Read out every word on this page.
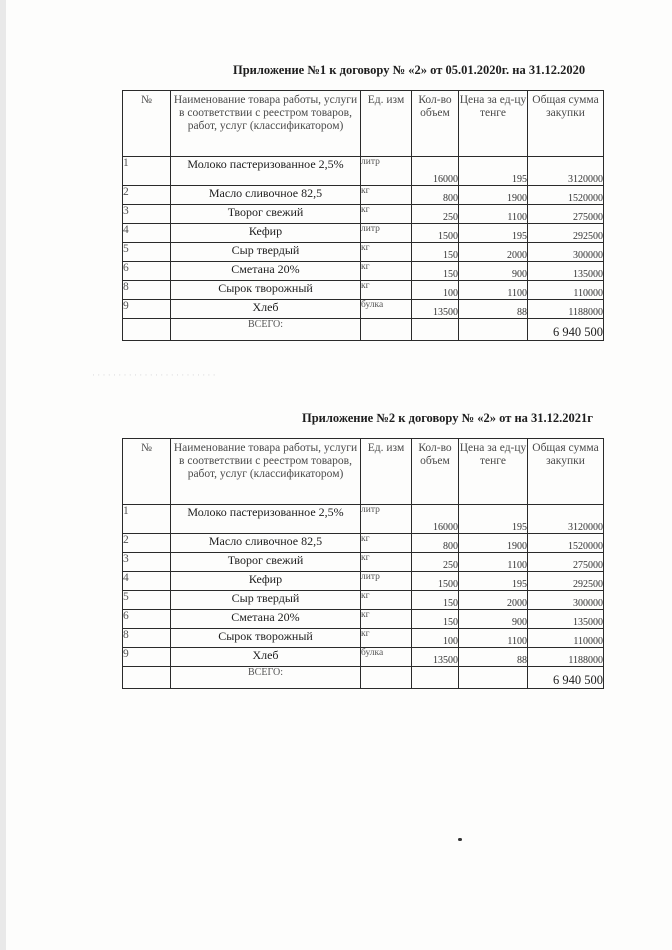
Приложение №1 к договору № «2» от 05.01.2020г. на 31.12.2020
№	Наименование товара работы, услуги в соответствии с реестром товаров, работ, услуг (классификатором)	Ед. изм	Кол-во объем	Цена за ед-цу тенге	Общая сумма закупки
1	Молоко пастеризованное 2,5%	литр	16000	195	3120000
2	Масло сливочное 82,5	кг	800	1900	1520000
3	Творог свежий	кг	250	1100	275000
4	Кефир	литр	1500	195	292500
5	Сыр твердый	кг	150	2000	300000
6	Сметана 20%	кг	150	900	135000
8	Сырок творожный	кг	100	1100	110000
9	Хлеб	булка	13500	88	1188000
	ВСЕГО:				6 940 500
· · · · · · · · · · · · · · · · · · · · · · · ·
Приложение №2 к договору № «2» от на 31.12.2021г
№	Наименование товара работы, услуги в соответствии с реестром товаров, работ, услуг (классификатором)	Ед. изм	Кол-во объем	Цена за ед-цу тенге	Общая сумма закупки
1	Молоко пастеризованное 2,5%	литр	16000	195	3120000
2	Масло сливочное 82,5	кг	800	1900	1520000
3	Творог свежий	кг	250	1100	275000
4	Кефир	литр	1500	195	292500
5	Сыр твердый	кг	150	2000	300000
6	Сметана 20%	кг	150	900	135000
8	Сырок творожный	кг	100	1100	110000
9	Хлеб	булка	13500	88	1188000
	ВСЕГО:				6 940 500
